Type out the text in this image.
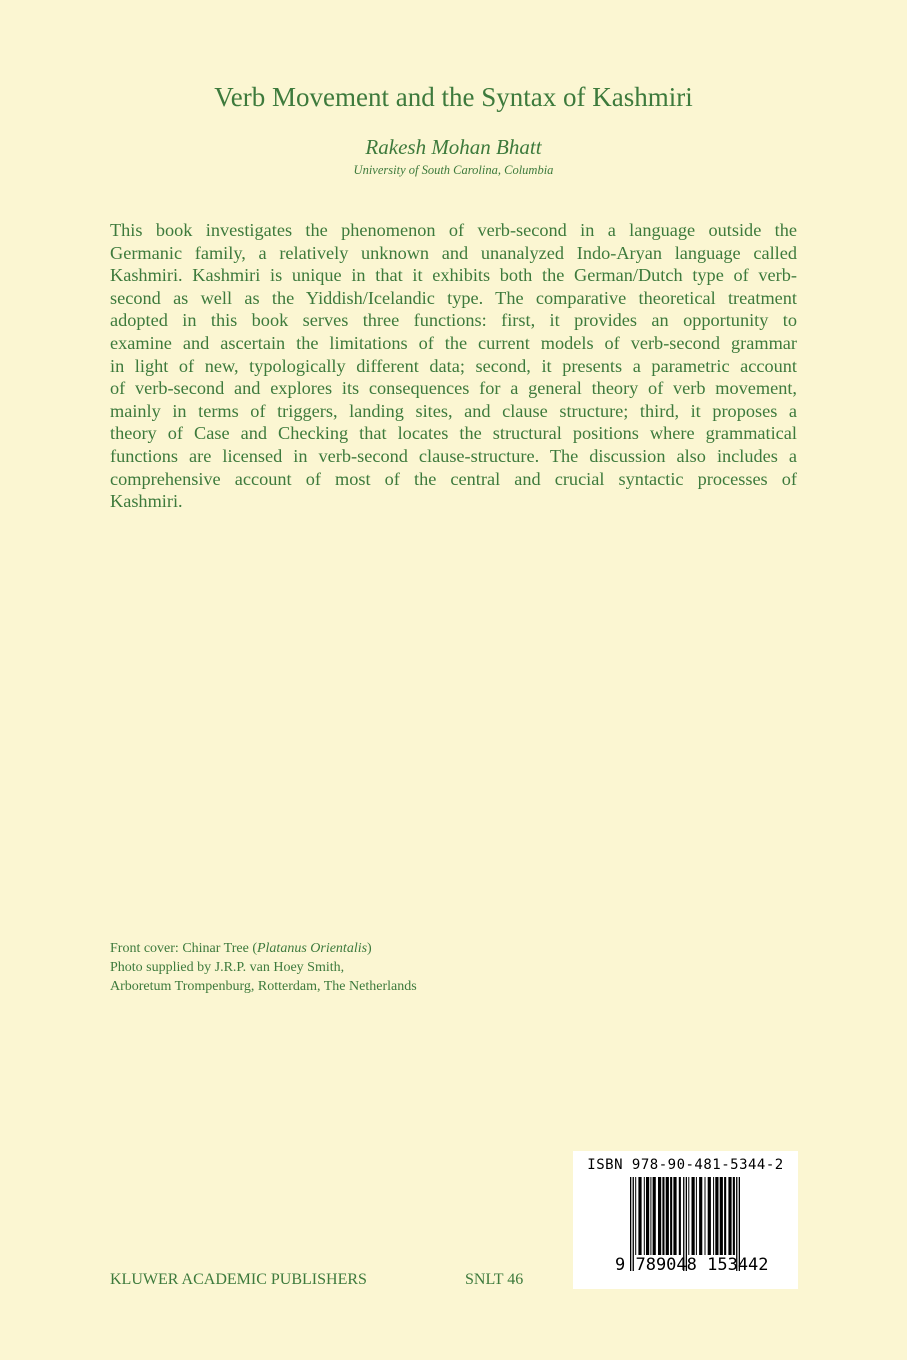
Verb Movement and the Syntax of Kashmiri
Rakesh Mohan Bhatt
University of South Carolina, Columbia
This book investigates the phenomenon of verb-second in a language outside the
Germanic family, a relatively unknown and unanalyzed Indo-Aryan language called
Kashmiri. Kashmiri is unique in that it exhibits both the German/Dutch type of verb-
second as well as the Yiddish/Icelandic type. The comparative theoretical treatment
adopted in this book serves three functions: first, it provides an opportunity to
examine and ascertain the limitations of the current models of verb-second grammar
in light of new, typologically different data; second, it presents a parametric account
of verb-second and explores its consequences for a general theory of verb movement,
mainly in terms of triggers, landing sites, and clause structure; third, it proposes a
theory of Case and Checking that locates the structural positions where grammatical
functions are licensed in verb-second clause-structure. The discussion also includes a
comprehensive account of most of the central and crucial syntactic processes of
Kashmiri.
Front cover: Chinar Tree (Platanus Orientalis)
Photo supplied by J.R.P. van Hoey Smith,
Arboretum Trompenburg, Rotterdam, The Netherlands
KLUWER ACADEMIC PUBLISHERS	SNLT 46
ISBN 978-90-481-5344-2
9 789048 153442
